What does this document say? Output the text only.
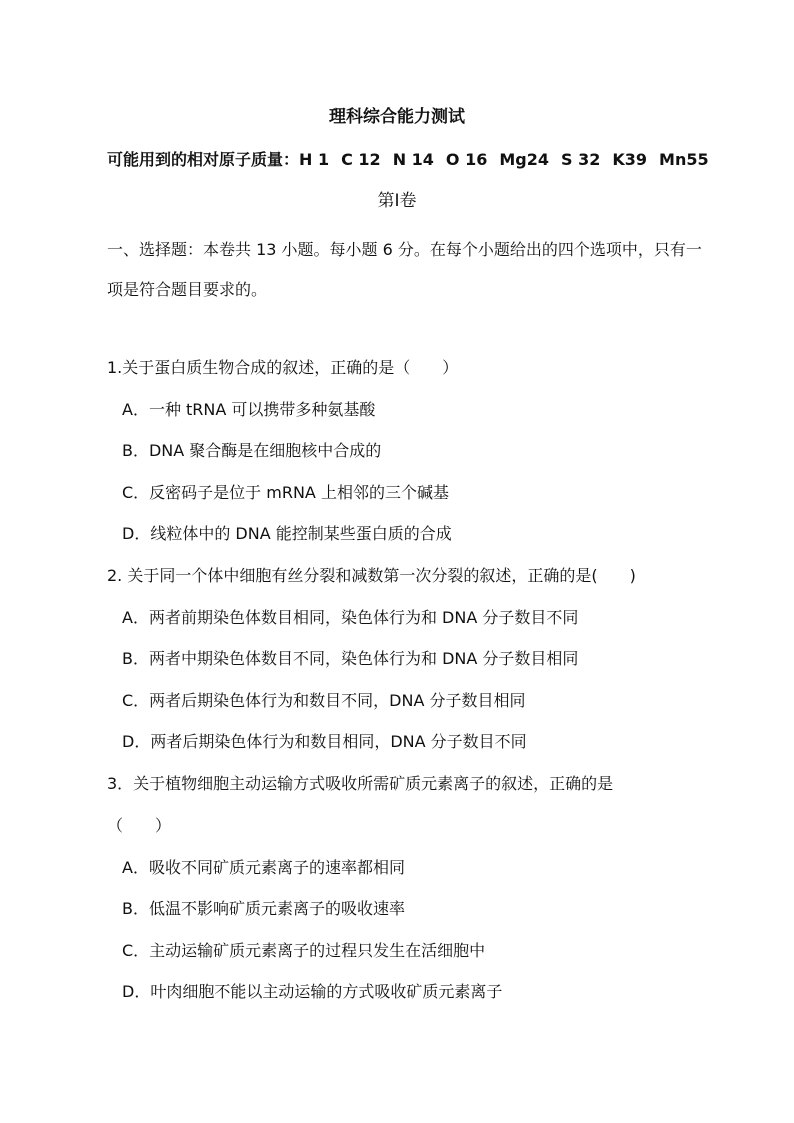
理科综合能力测试
可能用到的相对原子质量：H 1 C 12 N 14 O 16 Mg24 S 32 K39 Mn55
第Ⅰ卷
一、选择题：本卷共 13 小题。每小题 6 分。在每个小题给出的四个选项中，只有一项是符合题目要求的。
1.关于蛋白质生物合成的叙述，正确的是（　　）
A．一种 tRNA 可以携带多种氨基酸
B．DNA 聚合酶是在细胞核中合成的
C．反密码子是位于 mRNA 上相邻的三个碱基
D．线粒体中的 DNA 能控制某些蛋白质的合成
2. 关于同一个体中细胞有丝分裂和减数第一次分裂的叙述，正确的是(　　)
A．两者前期染色体数目相同，染色体行为和 DNA 分子数目不同
B．两者中期染色体数目不同，染色体行为和 DNA 分子数目相同
C．两者后期染色体行为和数目不同，DNA 分子数目相同
D．两者后期染色体行为和数目相同，DNA 分子数目不同
3．关于植物细胞主动运输方式吸收所需矿质元素离子的叙述，正确的是
（　　）
A．吸收不同矿质元素离子的速率都相同
B．低温不影响矿质元素离子的吸收速率
C．主动运输矿质元素离子的过程只发生在活细胞中
D．叶肉细胞不能以主动运输的方式吸收矿质元素离子
